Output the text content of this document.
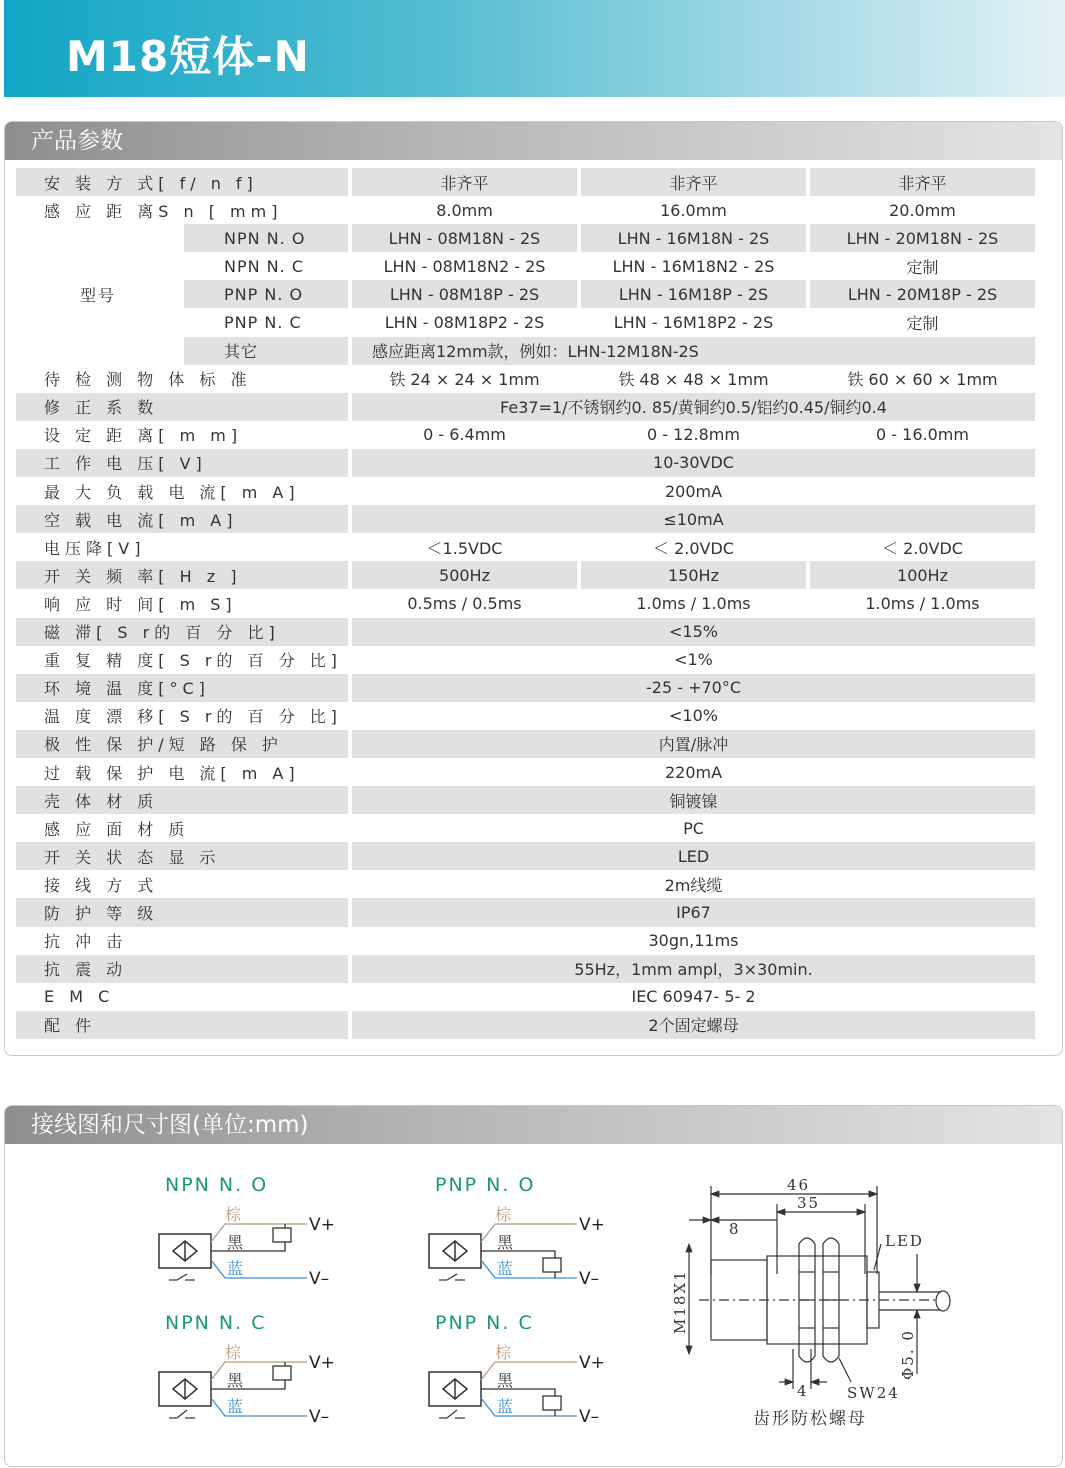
M18短体-N
产品参数
安 装 方 式[ f/ n f]		非齐平	非齐平	非齐平
感 应 距 离S n [ mm]		8.0mm	16.0mm	20.0mm
型号	NPN N. O	LHN - 08M18N - 2S	LHN - 16M18N - 2S	LHN - 20M18N - 2S
	NPN N. C	LHN - 08M18N2 - 2S	LHN - 16M18N2 - 2S	定制
	PNP N. O	LHN - 08M18P - 2S	LHN - 16M18P - 2S	LHN - 20M18P - 2S
	PNP N. C	LHN - 08M18P2 - 2S	LHN - 16M18P2 - 2S	定制
	其它	感应距离12mm款，例如：LHN-12M18N-2S		
待 检 测 物 体 标 准		铁 24 × 24 × 1mm	铁 48 × 48 × 1mm	铁 60 × 60 × 1mm
修 正 系 数		Fe37=1/不锈钢约0. 85/黄铜约0.5/铝约0.45/铜约0.4		
设 定 距 离[ m m]		0 - 6.4mm	0 - 12.8mm	0 - 16.0mm
工 作 电 压[ V]		10-30VDC		
最 大 负 载 电 流[ m A]		200mA		
空 载 电 流[ m A]		≤10mA		
电压降[V]		＜1.5VDC	＜ 2.0VDC	＜ 2.0VDC
开 关 频 率[ H z ]		500Hz	150Hz	100Hz
响 应 时 间[ m S]		0.5ms / 0.5ms	1.0ms / 1.0ms	1.0ms / 1.0ms
磁 滞[ S r的 百 分 比]		<15%		
重 复 精 度[ S r的 百 分 比]		<1%		
环 境 温 度[°C]		-25 - +70°C		
温 度 漂 移[ S r的 百 分 比]		<10%		
极 性 保 护/短 路 保 护		内置/脉冲		
过 载 保 护 电 流[ m A]		220mA		
壳 体 材 质		铜镀镍		
感 应 面 材 质		PC		
开 关 状 态 显 示		LED		
接 线 方 式		2m线缆		
防 护 等 级		IP67		
抗 冲 击		30gn,11ms		
抗 震 动		55Hz，1mm ampl，3×30min.		
E M C		IEC 60947- 5- 2		
配 件		2个固定螺母		
接线图和尺寸图(单位:mm)
NPN N. O
棕
黑
蓝
V+
V–
PNP N. O
棕
黑
蓝
V+
V–
NPN N. C
棕
黑
蓝
V+
V–
PNP N. C
棕
黑
蓝
V+
V–
46
35
8
LED
4	SW24
齿形防松螺母
M18X1
Φ5. 0
